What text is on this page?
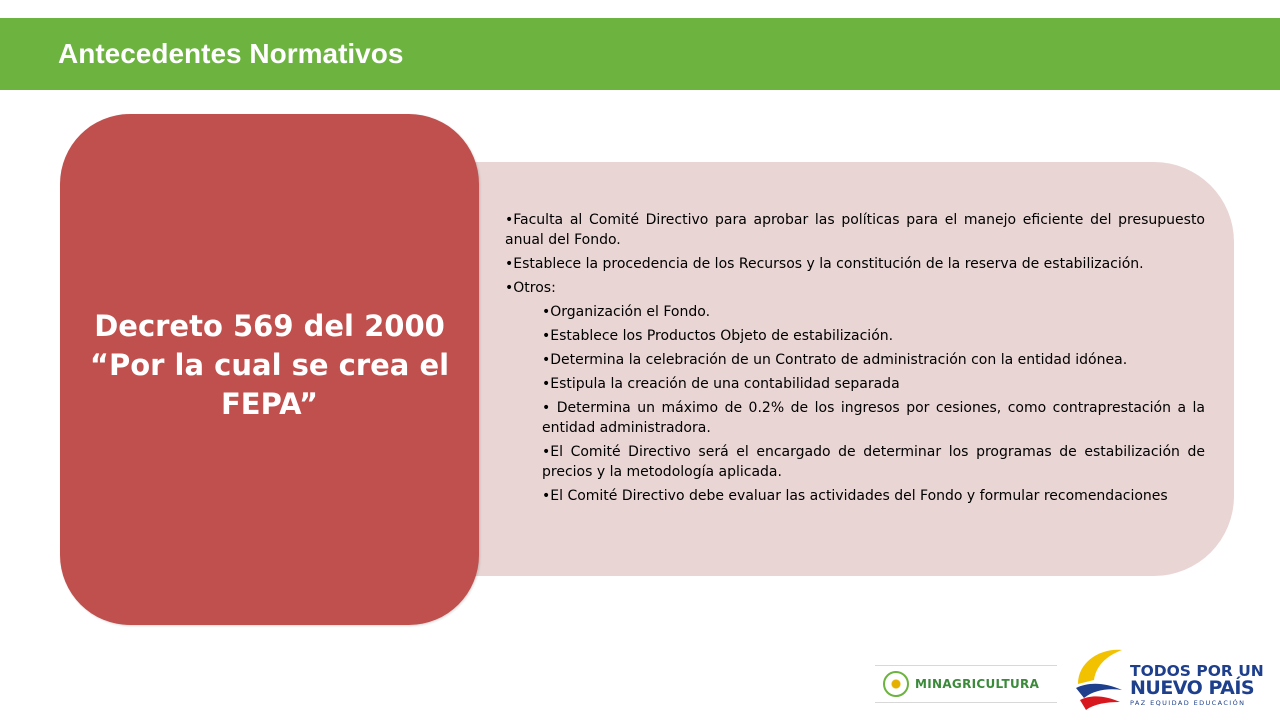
Antecedentes Normativos
Decreto 569 del 2000
“Por la cual se crea el
FEPA”
•Faculta al Comité Directivo para aprobar las políticas para el manejo eficiente del presupuesto anual del Fondo.
•Establece la procedencia de los Recursos y la constitución de la reserva de estabilización.
•Otros:
•Organización el Fondo.
•Establece los Productos Objeto de estabilización.
•Determina la celebración de un Contrato de administración con la entidad idónea.
•Estipula la creación de una contabilidad separada
• Determina un máximo de 0.2% de los ingresos por cesiones, como contraprestación a la entidad administradora.
•El Comité Directivo será el encargado de determinar los programas de estabilización de precios y la metodología aplicada.
•El Comité Directivo debe evaluar las actividades del Fondo y formular recomendaciones
MINAGRICULTURA
TODOS POR UN
NUEVO PAÍS
PAZ EQUIDAD EDUCACIÓN
